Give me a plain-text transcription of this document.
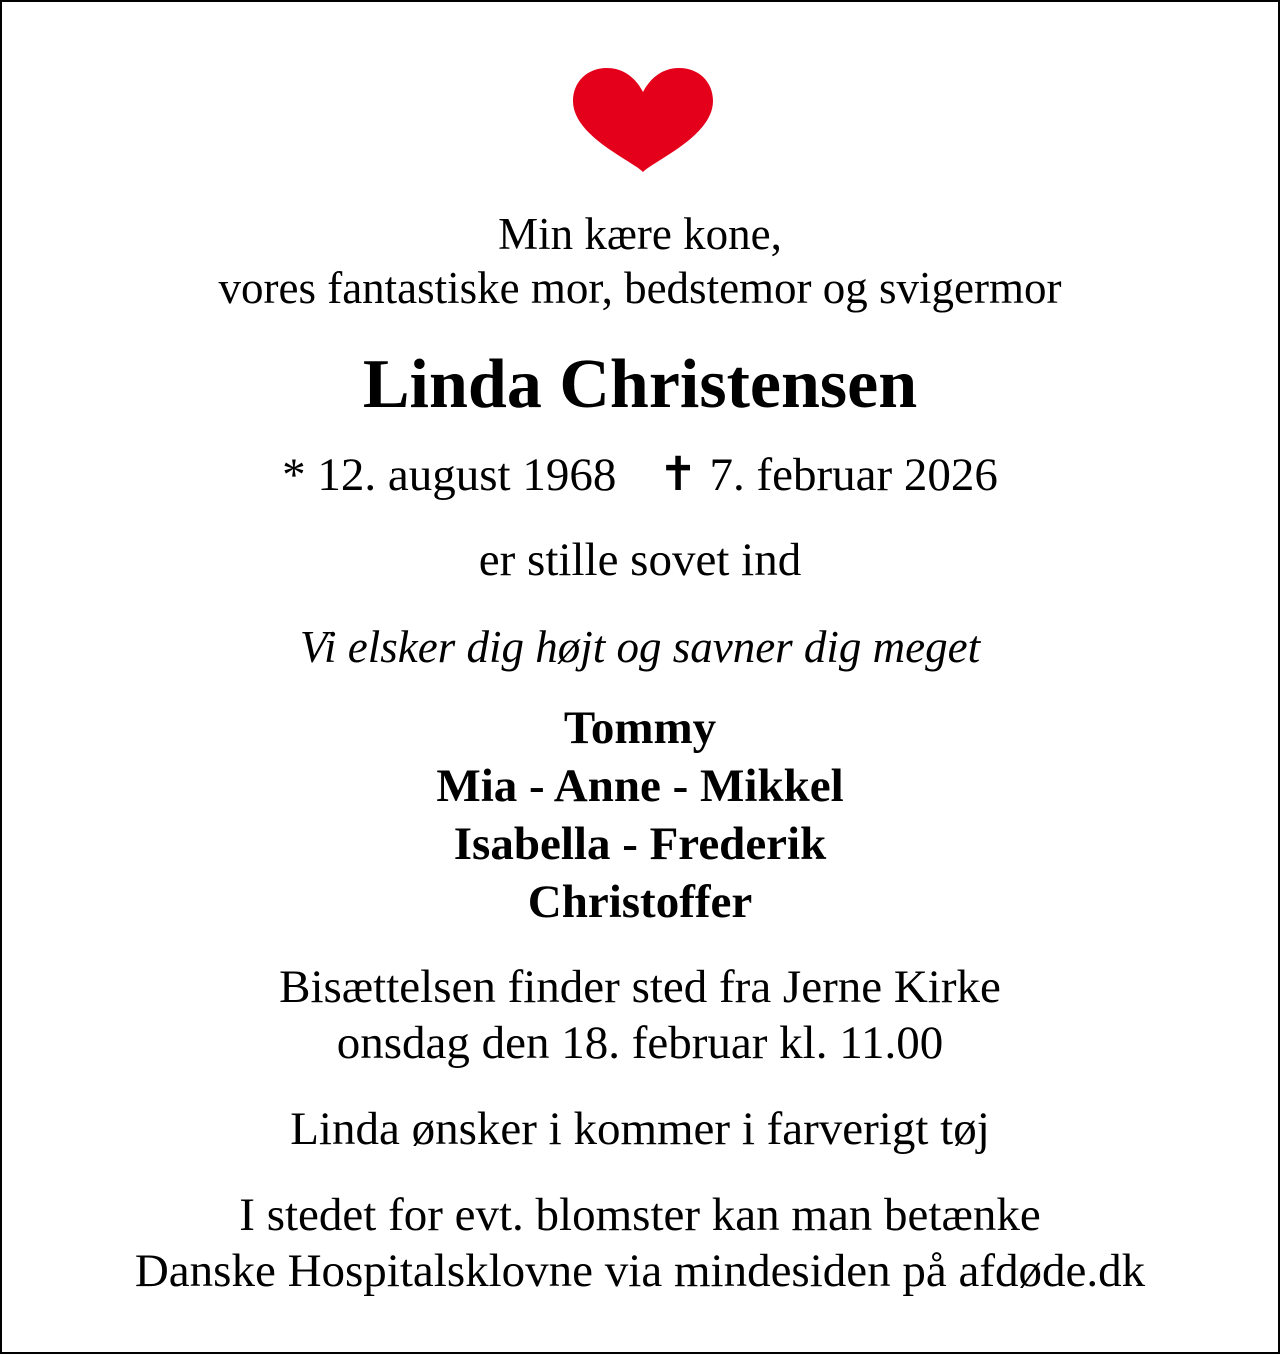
Min kære kone,

vores fantastiske mor, bedstemor og svigermor

Linda Christensen

* 12. august 1968 ✝ 7. februar 2026

er stille sovet ind

Vi elsker dig højt og savner dig meget

Tommy

Mia - Anne - Mikkel

Isabella - Frederik

Christoffer

Bisættelsen finder sted fra Jerne Kirke

onsdag den 18. februar kl. 11.00

Linda ønsker i kommer i farverigt tøj

I stedet for evt. blomster kan man betænke

Danske Hospitalsklovne via mindesiden på afdøde.dk
